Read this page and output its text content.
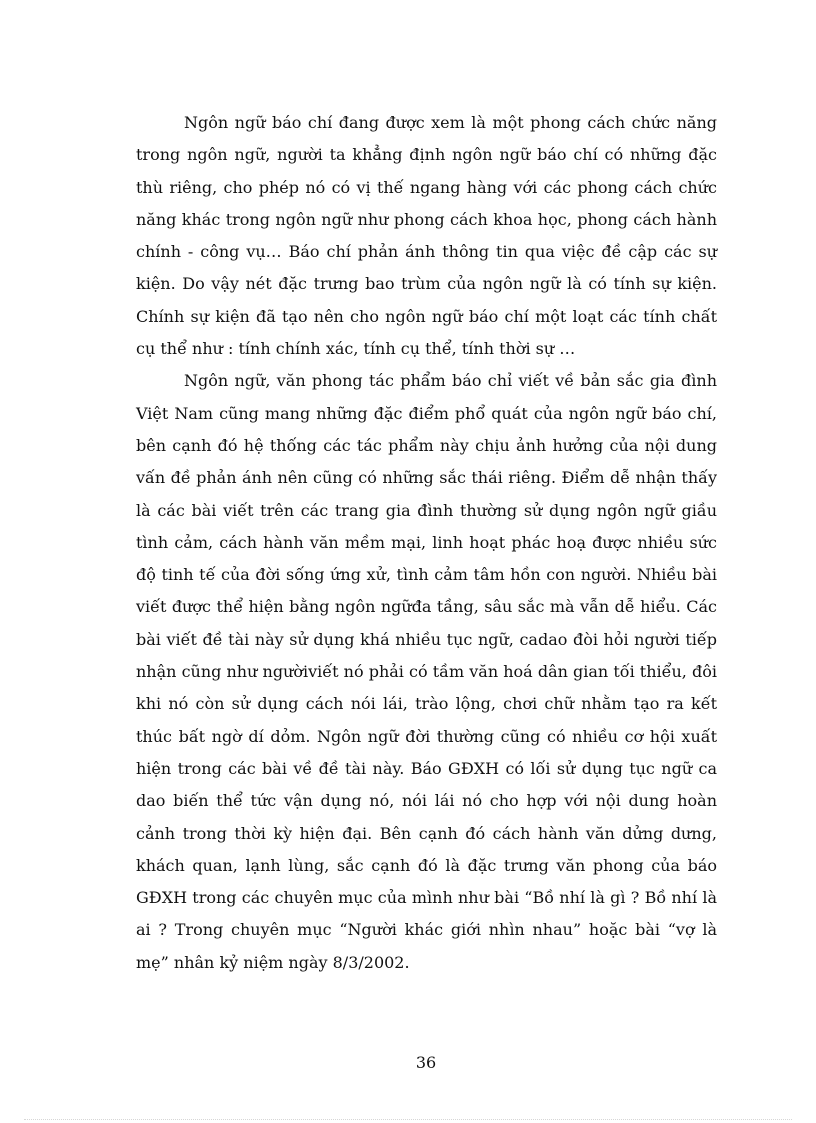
Ngôn ngữ báo chí đang được xem là một phong cách chức năng trong ngôn ngữ, người ta khẳng định ngôn ngữ báo chí có những đặc thù riêng, cho phép nó có vị thế ngang hàng với các phong cách chức năng khác trong ngôn ngữ như phong cách khoa học, phong cách hành chính - công vụ… Báo chí phản ánh thông tin qua việc đề cập các sự kiện. Do vậy nét đặc trưng bao trùm của ngôn ngữ là có tính sự kiện. Chính sự kiện đã tạo nên cho ngôn ngữ báo chí một loạt các tính chất cụ thể như : tính chính xác, tính cụ thể, tính thời sự …

Ngôn ngữ, văn phong tác phẩm báo chỉ viết về bản sắc gia đình Việt Nam cũng mang những đặc điểm phổ quát của ngôn ngữ báo chí, bên cạnh đó hệ thống các tác phẩm này chịu ảnh hưởng của nội dung vấn đề phản ánh nên cũng có những sắc thái riêng. Điểm dễ nhận thấy là các bài viết trên các trang gia đình thường sử dụng ngôn ngữ giầu tình cảm, cách hành văn mềm mại, linh hoạt phác hoạ được nhiều sức độ tinh tế của đời sống ứng xử, tình cảm tâm hồn con người. Nhiều bài viết được thể hiện bằng ngôn ngữđa tầng, sâu sắc mà vẫn dễ hiểu. Các bài viết đề tài này sử dụng khá nhiều tục ngữ, cadao đòi hỏi người tiếp nhận cũng như ngườiviết nó phải có tầm văn hoá dân gian tối thiểu, đôi khi nó còn sử dụng cách nói lái, trào lộng, chơi chữ nhằm tạo ra kết thúc bất ngờ dí dỏm. Ngôn ngữ đời thường cũng có nhiều cơ hội xuất hiện trong các bài về đề tài này. Báo GĐXH có lối sử dụng tục ngữ ca dao biến thể tức vận dụng nó, nói lái nó cho hợp với nội dung hoàn cảnh trong thời kỳ hiện đại. Bên cạnh đó cách hành văn dửng dưng, khách quan, lạnh lùng, sắc cạnh đó là đặc trưng văn phong của báo GĐXH trong các chuyên mục của mình như bài “Bồ nhí là gì ? Bồ nhí là ai ? Trong chuyên mục “Người khác giới nhìn nhau” hoặc bài “vợ là mẹ” nhân kỷ niệm ngày 8/3/2002.

36
